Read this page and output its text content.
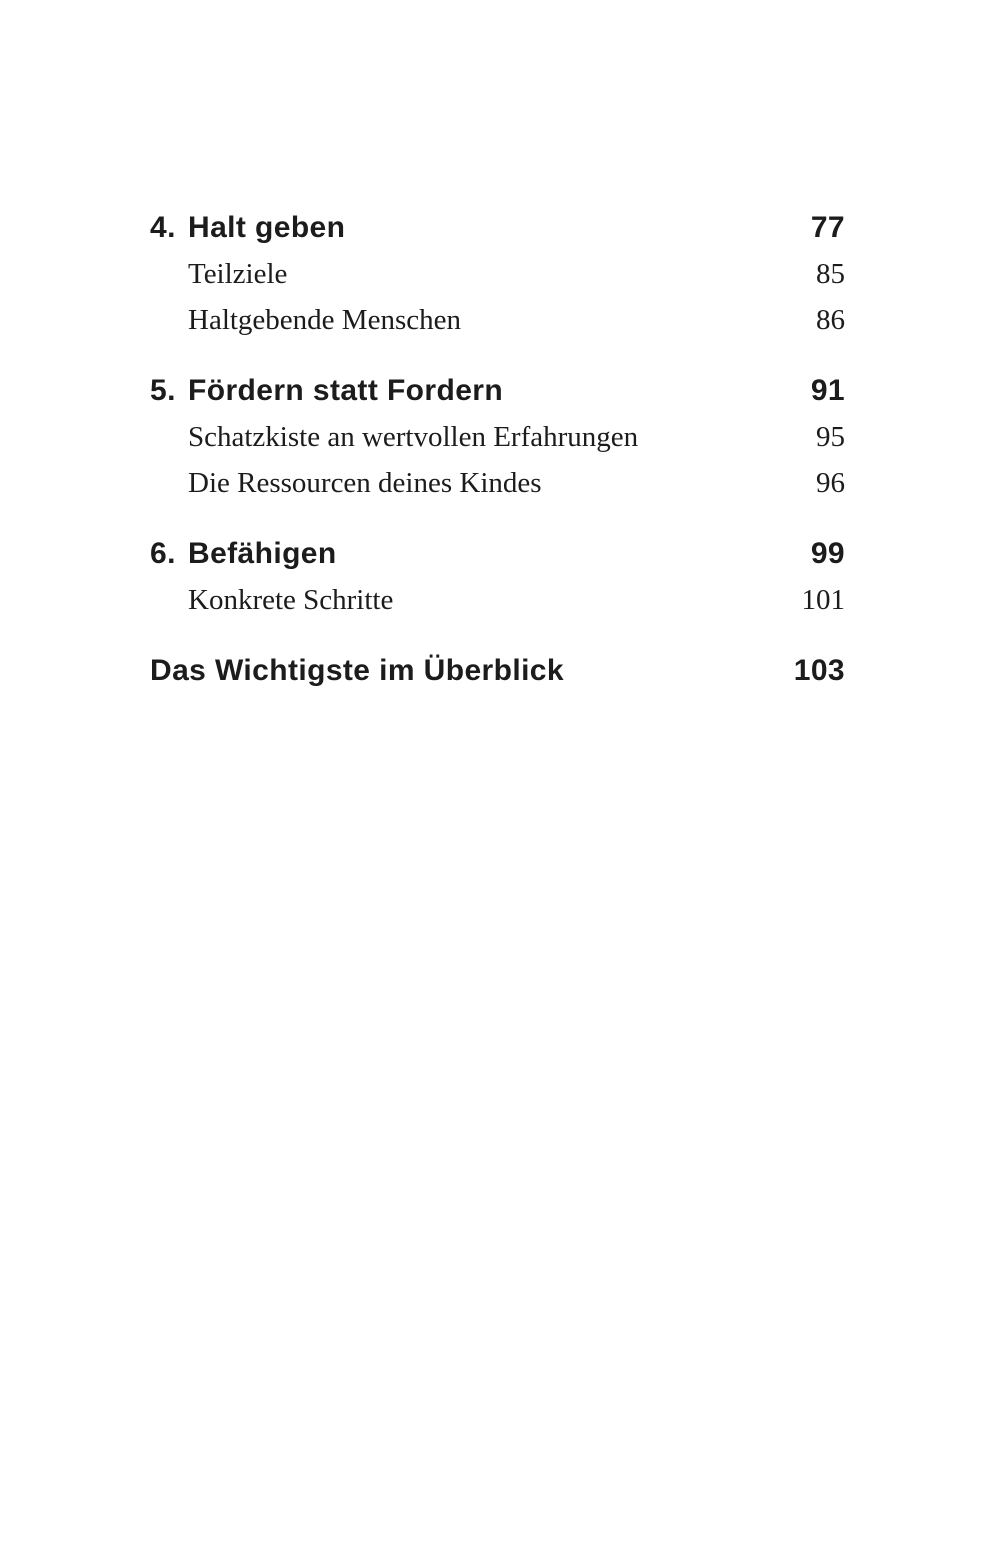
4. Halt geben	77
Teilziele	85
Haltgebende Menschen	86
5. Fördern statt Fordern	91
Schatzkiste an wertvollen Erfahrungen	95
Die Ressourcen deines Kindes	96
6. Befähigen	99
Konkrete Schritte	101
Das Wichtigste im Überblick	103
